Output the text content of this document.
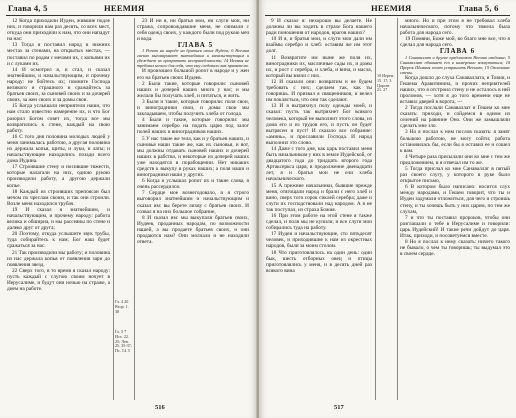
Глава 4, 5	НЕЕМИЯ

12 Когда приходили Иудеи, жившие подле них, и говорили нам раз десять, со всех мест, откуда они приходили к нам, что они нападут на нас:

13 Тогда я поставил народ в нижних местах за стенами, на открытых местах, — поставил по родам с мечами их, с копьями их и с луками их.

14 И осмотрел я, и стал, и сказал знатнейшим, и начальствующим, и прочему народу: не бойтесь их; помните Господа великого и страшного и сражайтесь за братьев своих, за сыновей своих и за дочерей своих, за жен своих и за домы свои.

15 Когда услышали неприятели наши, что нам стало известно намерение их, и что Бог разорил Богом совет их, тогда все мы возвратились к стене, каждый на свою работу.

16 С того дня половина молодых людей у меня занималась работою, а другая половина их держала копья, щиты, и луки, и латы; и начальствующие находились позади всего дома Иудина.

17 Строившие стену и носившие тяжести, которые налагали на них, одною рукою производили работу, а другою держали копье.

18 Каждый из строивших препоясан был мечом по чреслам своим, и так они строили. Возле меня находился трубач.

19 И сказал я знатнейшим, и начальствующим, и прочему народу: работа велика и обширна, и мы рассеяны по стене и далеко друг от друга;

20 Поэтому, откуда услышите звук трубы, туда собирайтесь к нам; Бог наш будет сражаться за нас.

21 Так производили мы работу; и половина из нас держала копья от появления зари до появления звезд.

22 Сверх того, в то время я сказал народу: пусть каждый с слугою своим ночует в Иерусалиме, и будут они ночью на страже, а днем на работе.

Гл. 4 20 Втор. 1. 30
Гл. 5 7 Исх. 22. 25; Лев. 25. 35-37; Пс. 14. 5

23 И ни я, ни братья мои, ни слуги мои, ни стража, сопровождавшие меня, не снимали с себя одежд своих, у каждого были под рукою меч и вода.

ГЛАВА 5

1 Ропот на народе на братьев своих Иудеев; 6 Неемия гневно выговаривает знатнейшим и начальствующим и убеждает их прекратить несправедливость; 14 Неемия не требовал ничего для себя, что ему следовало как правителю.

И произошел большой ропот в народе и у жен его на братьев своих Иудеев.

2 Были такие, которые говорили: сыновей наших и дочерей наших много у нас; и мы желали бы получать хлеб, и питаться, и жить.

3 Были и такие, которые говорили: поля свои, и виноградники свои, и домы свои мы закладываем, чтобы получить хлеба от голода.

4 Были и такие, которые говорили: мы занимаем серебро на подать царю под залог полей наших и виноградников наших.

5 У нас такие же тела, как и у братьев наших, и сыновья наши такие же, как их сыновья, и вот, мы должны отдавать сыновей наших и дочерей наших в рабство, и некоторые из дочерей наших уже находятся в порабощении. Нет никаких средств к выкупу в руках наших; а поля наши и виноградники наши у других.

6 Когда я услышал ропот их и такие слова, я очень рассердился.

7 Сердце мое вознегодовало, и я строго выговорил знатнейшим и начальствующим и сказал им: вы берете лихву с братьев своих. И созвал я на них большое собрание,

8 И сказал им: мы выкупали братьев своих, Иудеев, проданных народам, по возможности нашей, а вы продаете братьев своих, и они продаются нам? Они молчали и не находили ответа.

516
НЕЕМИЯ	Глава 5, 6

9 И сказал я: нехорошо вы делаете. Не должны ли вы ходить в страхе Бога нашего ради поношения от народов, врагов наших?

10 И я, и братья мои, и слуги мои дали им взаймы серебро и хлеб: оставим же им этот долг.

11 Возвратите им ныне же поля их, виноградники их, масличные сады их, и домы их, и рост с серебра, и хлеба, и вина, и масла, который вы взяли с них.

12 И сказали они: возвратим и не будем требовать с них; сделаем так, как ты говоришь. И призвал я священников, и велел им поклясться, что они так сделают.

13 И я вытряхнул полу одежды моей, и сказал: пусть так вытряхнет Бог всякого человека, который не выполнит этого слова, из дома его и из трудов его, и пусть он будет вытрясен и пуст! И сказало все собрание: «аминь», и прославили Господа. И народ выполнил это слово.

14 Даже с того дня, как царь поставил меня быть начальником у них в земле Иудейской, от двадцатого года до тридцать второго года Артаксеркса царя, в продолжение двенадцати лет, я и братья мои не ели хлеба начальнического.

15 А прежние начальники, бывшие прежде меня, отягощали народ и брали с него хлеб и вино, сверх того сорок сиклей серебра; даже и слуги их господствовали над народом. А я не так поступал, из страха Божия.

16 При этом работе на этой стене я также сделал, и поля мы не купили, и все слуги мои собирались туда на работу.

17 Иудеи и начальствующие, сто пятьдесят человек, и приходившие к нам из окрестных народов, были за моим столом.

18 Что приготовлялось на один день: один бык, шесть отборных овец и птицы приготовлялись у меня, и в десять дней раз всякого вина

10 Иерем. 15. 17; 3 Царств 21. 27

много. Но и при этом я не требовал хлеба начальнического, потому что тяжела была работа для народа сего.

19 Помяни, Боже мой, во благо мне все, что я сделал для народа сего.

ГЛАВА 6

1 Санаваллат и другие предлагают Неемии свидание; 5 Санаваллат обвиняет его в намерении возмутиться; 10 Пророк Шемаия хочет устрашить Неемию; 15 Окончание стены.

Когда дошло до слуха Санаваллата, и Товии, и Гешема Аравитянина, и прочих неприятелей наших, что я отстроил стену и не осталось в ней проломов, — хотя я до того времени еще не вставил дверей в ворота, —

2 Тогда послали Санаваллат и Гешем ко мне сказать: приходи, и сойдемся в одном из селений на равнине Оно. Они же замышляли сделать мне зло.

3 Но я послал к ним послов сказать: я занят большою работою, не могу сойти; работа остановилась бы, если бы я оставил ее и сошел к вам.

4 Четыре раза присылали они ко мне с тем же предложением, и я отвечал им то же.

5 Тогда прислал ко мне Санаваллат в пятый раз своего слугу, у которого в руке было открытое письмо,

6 В котором было написано: носится слух между народами, и Гешем говорит, что ты и Иудеи задумали отложиться, для чего и строишь стену, и ты хочешь быть у них царем, по тем же слухам,

7 и что ты поставил пророков, чтобы они разглашали о тебе в Иерусалиме и говорили: царь Иудейский! И такие речи дойдут до царя. Итак, приходи, и посоветуемся вместе.

8 Но я послал к нему сказать: ничего такого не бывало, о чем ты говоришь; ты выдумал это в своем сердце.

517
